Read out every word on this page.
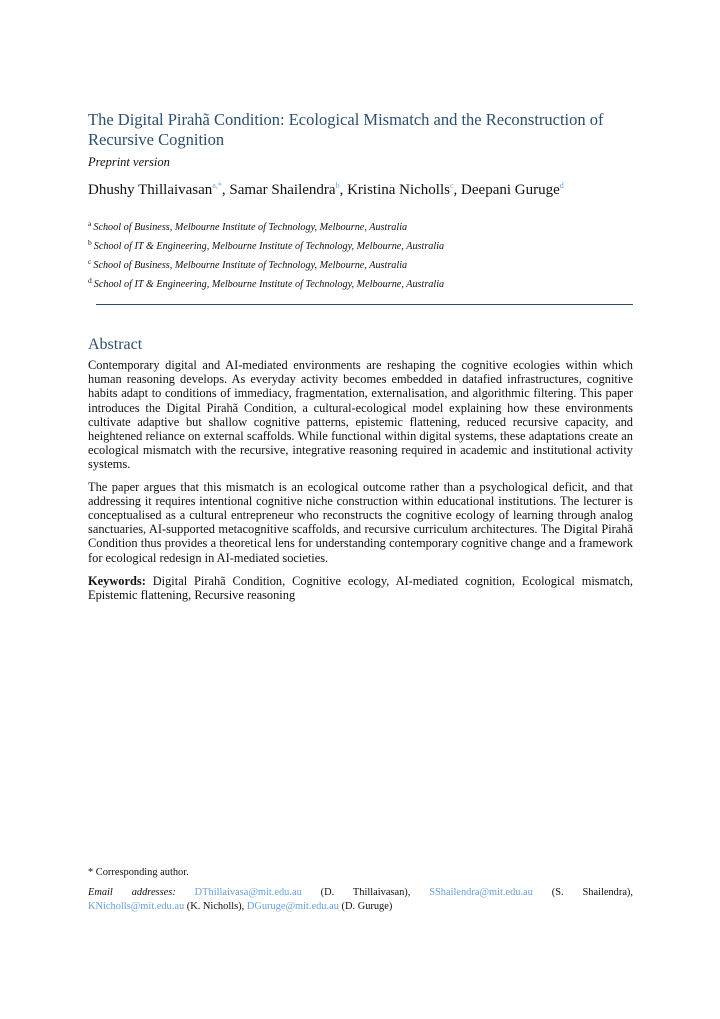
The Digital Pirahã Condition: Ecological Mismatch and the Reconstruction of Recursive Cognition
Preprint version
Dhushy Thillaivasan$^{a,*}$, Samar Shailendra$^b$, Kristina Nicholls$^c$, Deepani Guruge$^d$
$^a$ School of Business, Melbourne Institute of Technology, Melbourne, Australia
$^b$ School of IT & Engineering, Melbourne Institute of Technology, Melbourne, Australia
$^c$ School of Business, Melbourne Institute of Technology, Melbourne, Australia
$^d$ School of IT & Engineering, Melbourne Institute of Technology, Melbourne, Australia
Abstract

Contemporary digital and AI-mediated environments are reshaping the cognitive ecologies within which human reasoning develops. As everyday activity becomes embedded in datafied infrastructures, cognitive habits adapt to conditions of immediacy, fragmentation, externalisation, and algorithmic filtering. This paper introduces the Digital Pirahã Condition, a cultural-ecological model explaining how these environments cultivate adaptive but shallow cognitive patterns, epistemic flattening, reduced recursive capacity, and heightened reliance on external scaffolds. While functional within digital systems, these adaptations create an ecological mismatch with the recursive, integrative reasoning required in academic and institutional activity systems.

The paper argues that this mismatch is an ecological outcome rather than a psychological deficit, and that addressing it requires intentional cognitive niche construction within educational institutions. The lecturer is conceptualised as a cultural entrepreneur who reconstructs the cognitive ecology of learning through analog sanctuaries, AI-supported metacognitive scaffolds, and recursive curriculum architectures. The Digital Pirahã Condition thus provides a theoretical lens for understanding contemporary cognitive change and a framework for ecological redesign in AI-mediated societies.

Keywords: Digital Pirahã Condition, Cognitive ecology, AI-mediated cognition, Ecological mismatch, Epistemic flattening, Recursive reasoning
* Corresponding author.
Email addresses: DThillaivasa@mit.edu.au (D. Thillaivasan), SShailendra@mit.edu.au (S. Shailendra),
KNicholls@mit.edu.au (K. Nicholls), DGuruge@mit.edu.au (D. Guruge)
